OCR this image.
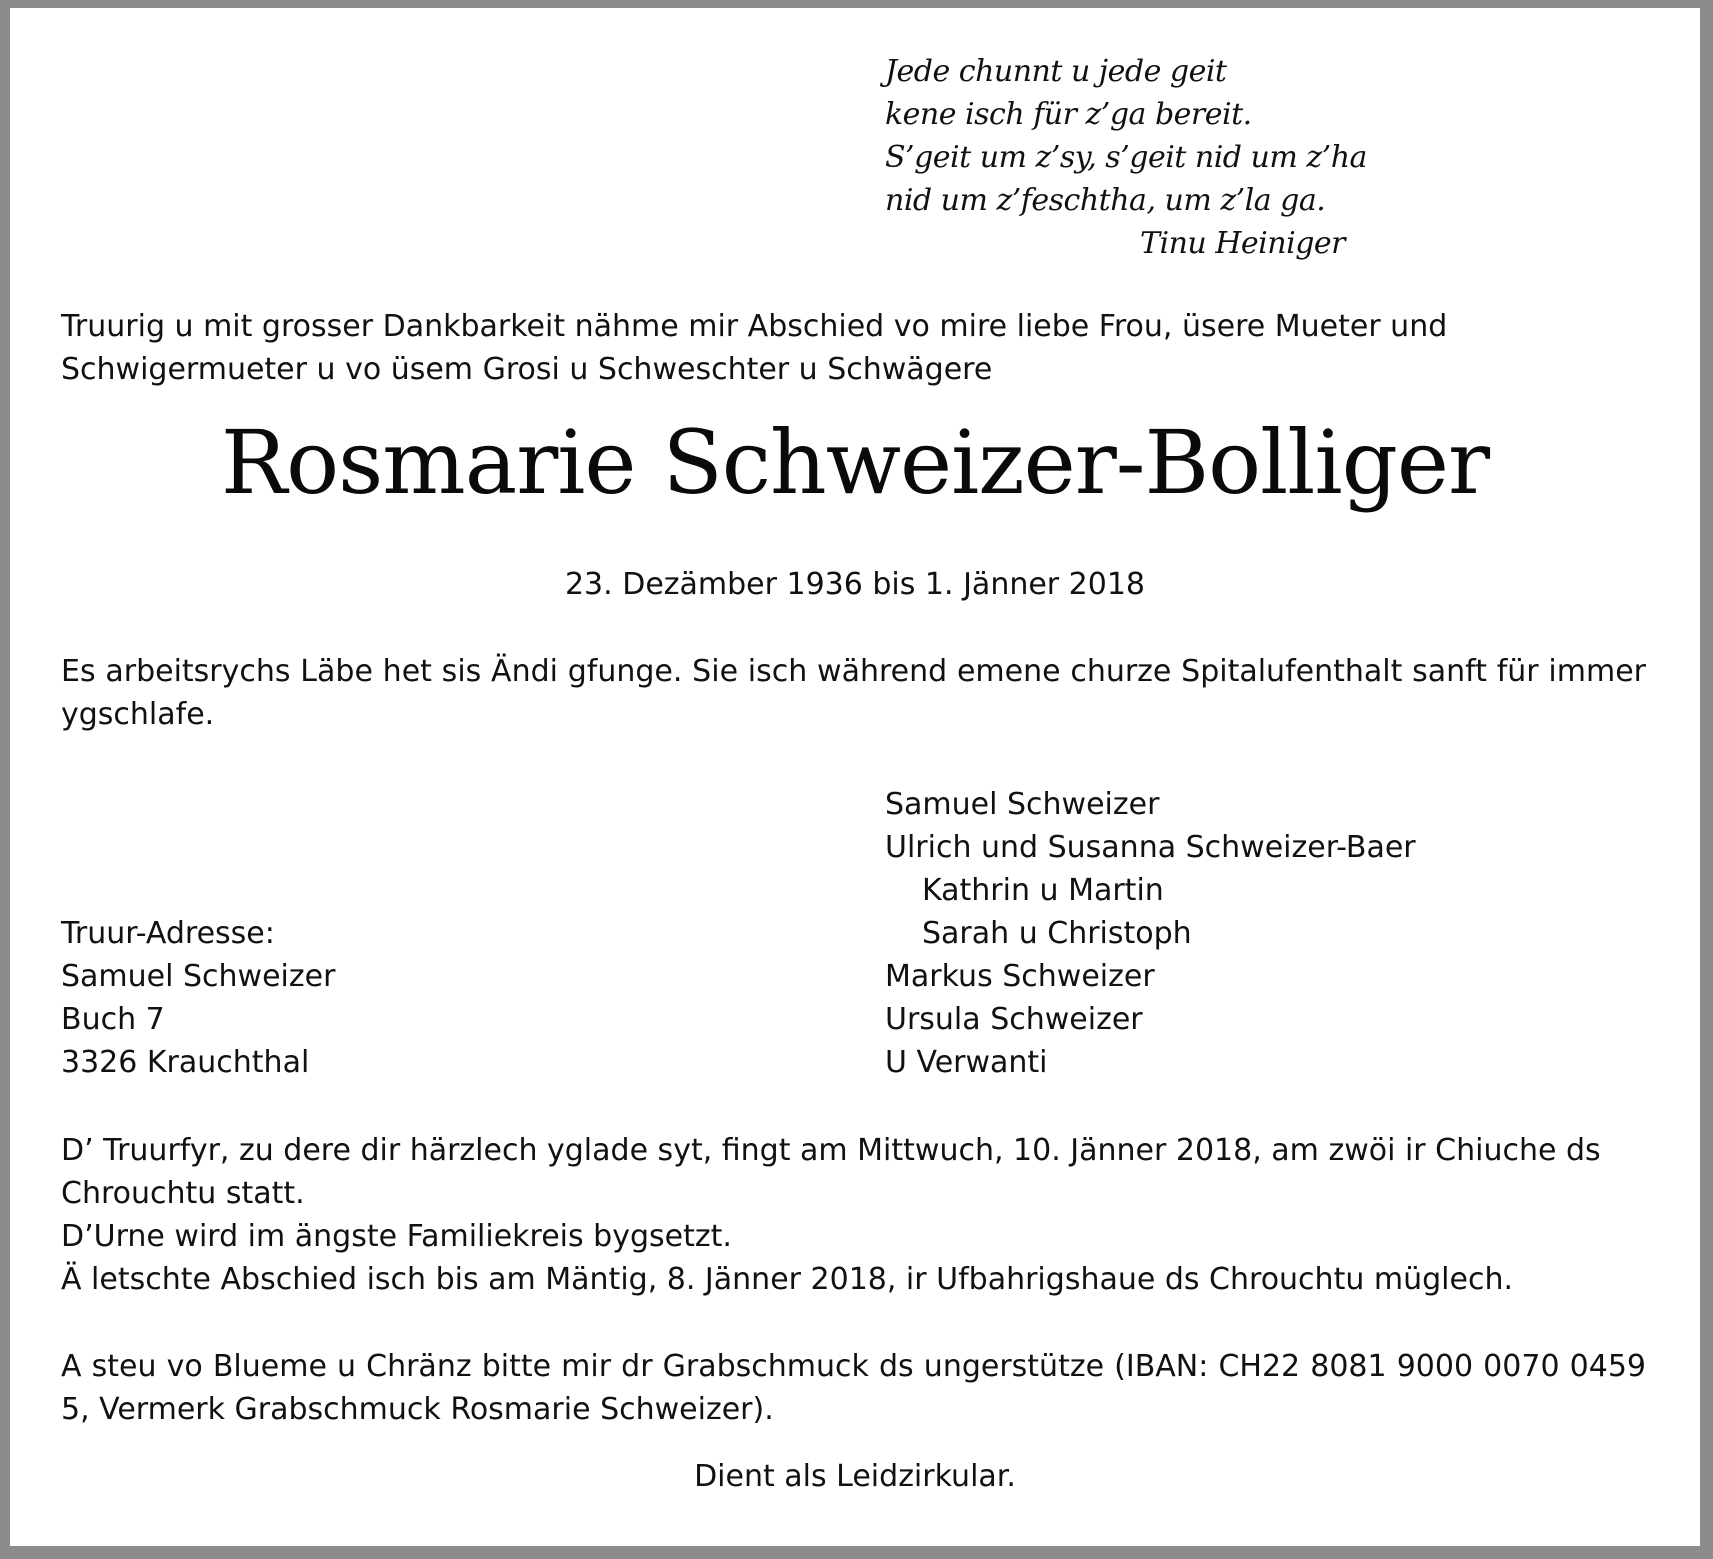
Jede chunnt u jede geit
kene isch für z’ga bereit.
S’geit um z’sy, s’geit nid um z’ha
nid um z’feschtha, um z’la ga.
Tinu Heiniger
Truurig u mit grosser Dankbarkeit nähme mir Abschied vo mire liebe Frou, üsere Mueter und Schwigermueter u vo üsem Grosi u Schweschter u Schwägere
Rosmarie Schweizer-Bolliger
23. Dezämber 1936 bis 1. Jänner 2018
Es arbeitsrychs Läbe het sis Ändi gfunge. Sie isch während emene churze Spitalufenthalt sanft für immer ygschlafe.
Samuel Schweizer
Ulrich und Susanna Schweizer-Baer
Kathrin u Martin
Sarah u Christoph
Markus Schweizer
Ursula Schweizer
U Verwanti
Truur-Adresse:
Samuel Schweizer
Buch 7
3326 Krauchthal
D’ Truurfyr, zu dere dir härzlech yglade syt, fingt am Mittwuch, 10. Jänner 2018, am zwöi ir Chiuche ds Chrouchtu statt.
D’Urne wird im ängste Familiekreis bygsetzt.
Ä letschte Abschied isch bis am Mäntig, 8. Jänner 2018, ir Ufbahrigshaue ds Chrouchtu müglech.
A steu vo Blueme u Chränz bitte mir dr Grabschmuck ds ungerstütze (IBAN: CH22 8081 9000 0070 0459 5, Vermerk Grabschmuck Rosmarie Schweizer).
Dient als Leidzirkular.
